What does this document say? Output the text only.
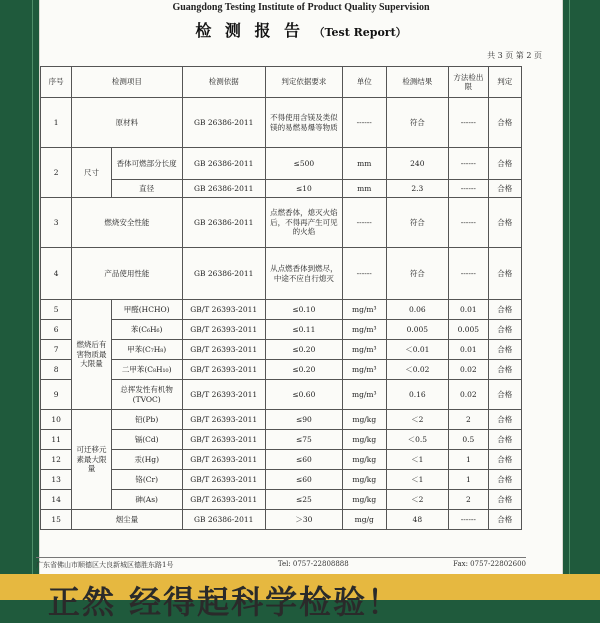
Guangdong Testing Institute of Product Quality Supervision
检 测 报 告 （Test Report）
共 3 页 第 2 页
序号	检测项目		检测依据	判定依据要求	单位	检测结果	方法检出限	判定
1	原材料		GB 26386-2011	不得使用含镁及类似镁的易燃易爆等物质	------	符合	------	合格
2	尺寸	香体可燃部分长度	GB 26386-2011	≤500	mm	240	------	合格
		直径	GB 26386-2011	≤10	mm	2.3	------	合格
3	燃烧安全性能		GB 26386-2011	点燃香体，熄灭火焰后，不得再产生可见的火焰	------	符合	------	合格
4	产品使用性能		GB 26386-2011	从点燃香体到燃尽，中途不应自行熄灭	------	符合	------	合格
5	燃烧后有害物质最大限量	甲醛(HCHO)	GB/T 26393-2011	≤0.10	mg/m³	0.06	0.01	合格
6		苯(C₆H₆)	GB/T 26393-2011	≤0.11	mg/m³	0.005	0.005	合格
7		甲苯(C₇H₈)	GB/T 26393-2011	≤0.20	mg/m³	＜0.01	0.01	合格
8		二甲苯(C₈H₁₀)	GB/T 26393-2011	≤0.20	mg/m³	＜0.02	0.02	合格
9		总挥发性有机物(TVOC)	GB/T 26393-2011	≤0.60	mg/m³	0.16	0.02	合格
10	可迁移元素最大限量	铅(Pb)	GB/T 26393-2011	≤90	mg/kg	＜2	2	合格
11		镉(Cd)	GB/T 26393-2011	≤75	mg/kg	＜0.5	0.5	合格
12		汞(Hg)	GB/T 26393-2011	≤60	mg/kg	＜1	1	合格
13		铬(Cr)	GB/T 26393-2011	≤60	mg/kg	＜1	1	合格
14		砷(As)	GB/T 26393-2011	≤25	mg/kg	＜2	2	合格
15	烟尘量		GB 26386-2011	＞30	mg/g	48	------	合格
广东省佛山市顺德区大良新城区德胜东路1号	Tel: 0757-22808888	Fax: 0757-22802600
正然 经得起科学检验！
